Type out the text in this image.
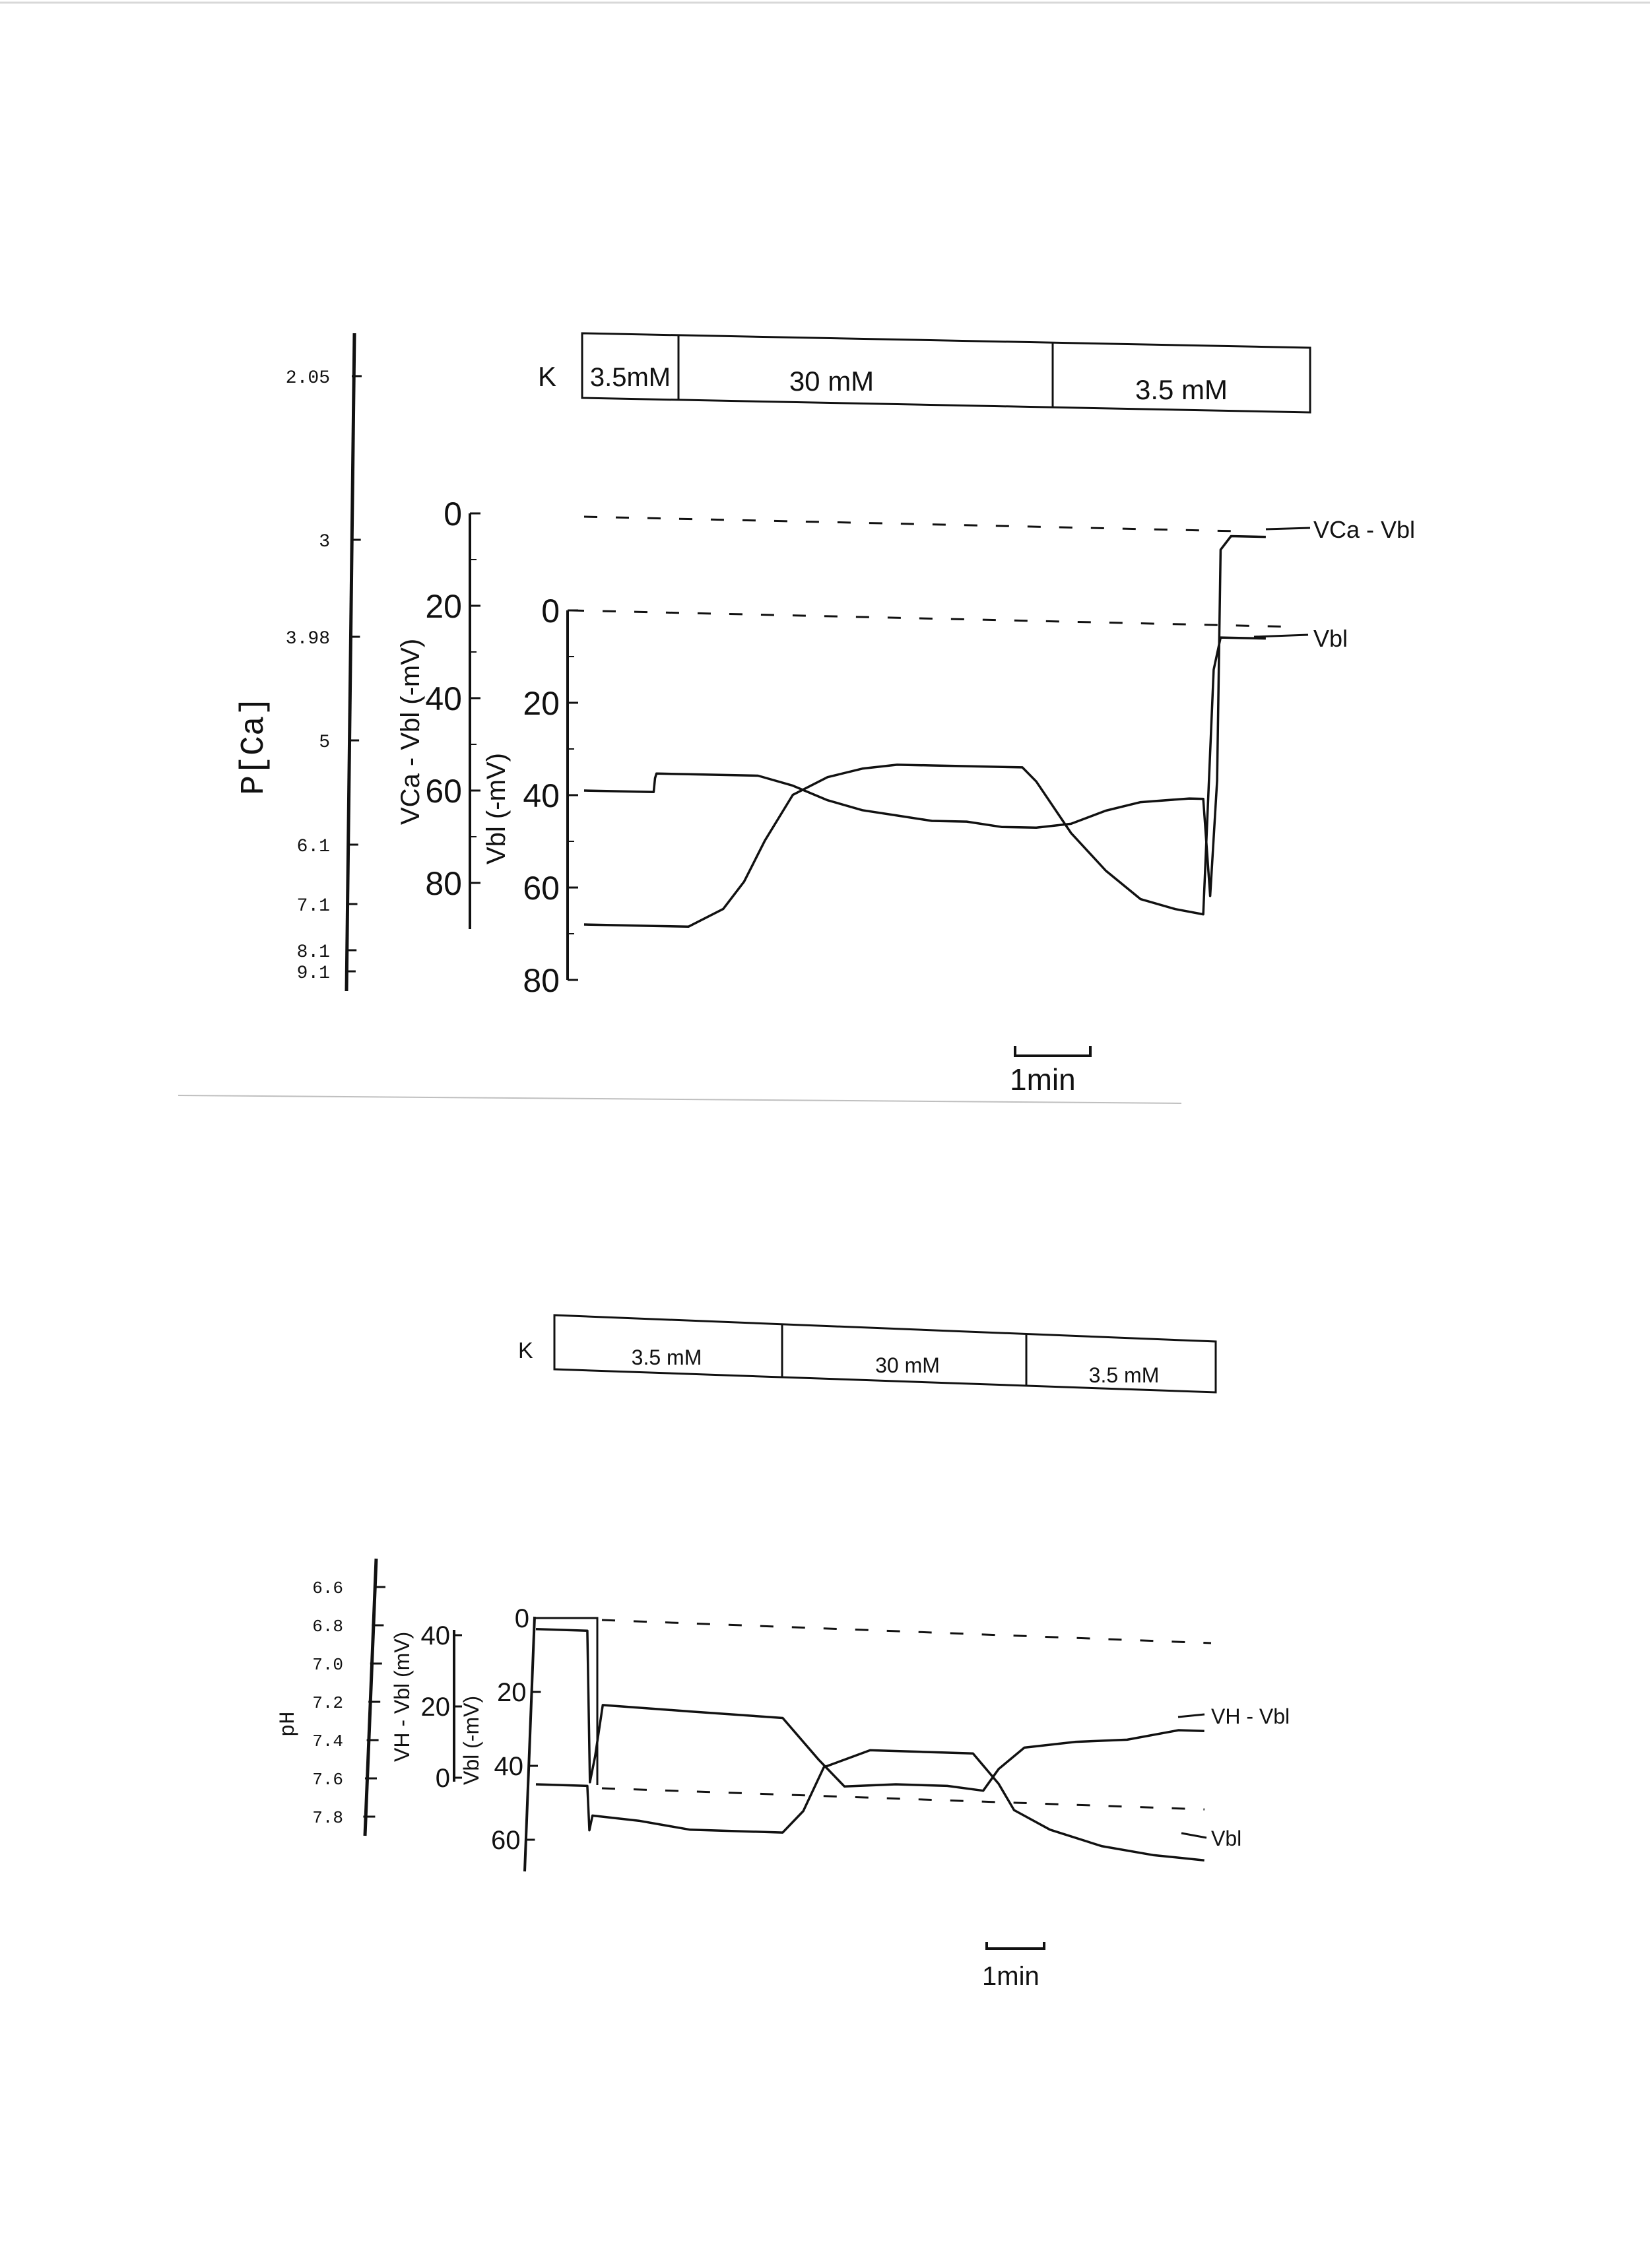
K 3.5mM	30 mM	3.5 mM
P[Ca]
2.05
3
3.98
5
6.1
7.1
8.1
9.1
VCa - Vbl (-mV)
0
20
40
60
80
Vbl (-mV)
0
20
40
60
80
VCa - Vbl
Vbl
1min
K	3.5 mM	30 mM	3.5 mM
pH
6.6
6.8
7.0
7.2
7.4
7.6
7.8
VH - Vbl (mV) 40
20
0 Vbl (-mV)
0
20
40
60
VH - Vbl
Vbl
1min
